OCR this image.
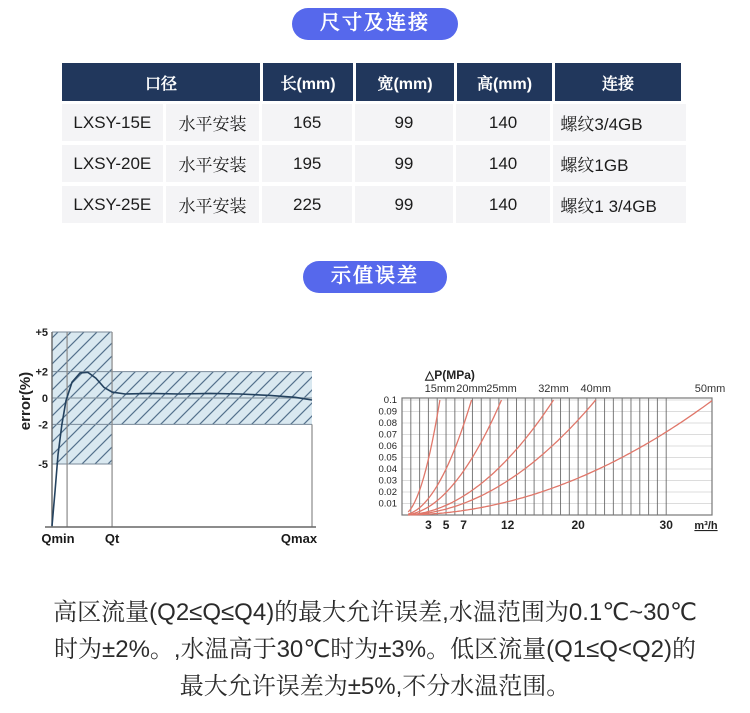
尺寸及连接
口径	长(mm)	宽(mm)	高(mm)	连接
LXSY-15E	水平安装	165	99	140	螺纹3/4GB
LXSY-20E	水平安装	195	99	140	螺纹1GB
LXSY-25E	水平安装	225	99	140	螺纹1 3/4GB
示值误差
+5
+2
0
-2
-5
Qmin Qt	Qmax
error(%)	15mm 20mm 25mm 32mm 40mm	50mm
0.1
0.09
0.08
0.07
0.06
0.05
0.04
0.03
0.02
0.01
3 5 7	12	20	30 m³/h
△P(MPa)
高区流量(Q2≤Q≤Q4)的最大允许误差,水温范围为0.1℃~30℃
时为±2%。,水温高于30℃时为±3%。低区流量(Q1≤Q<Q2)的
最大允许误差为±5%,不分水温范围。
